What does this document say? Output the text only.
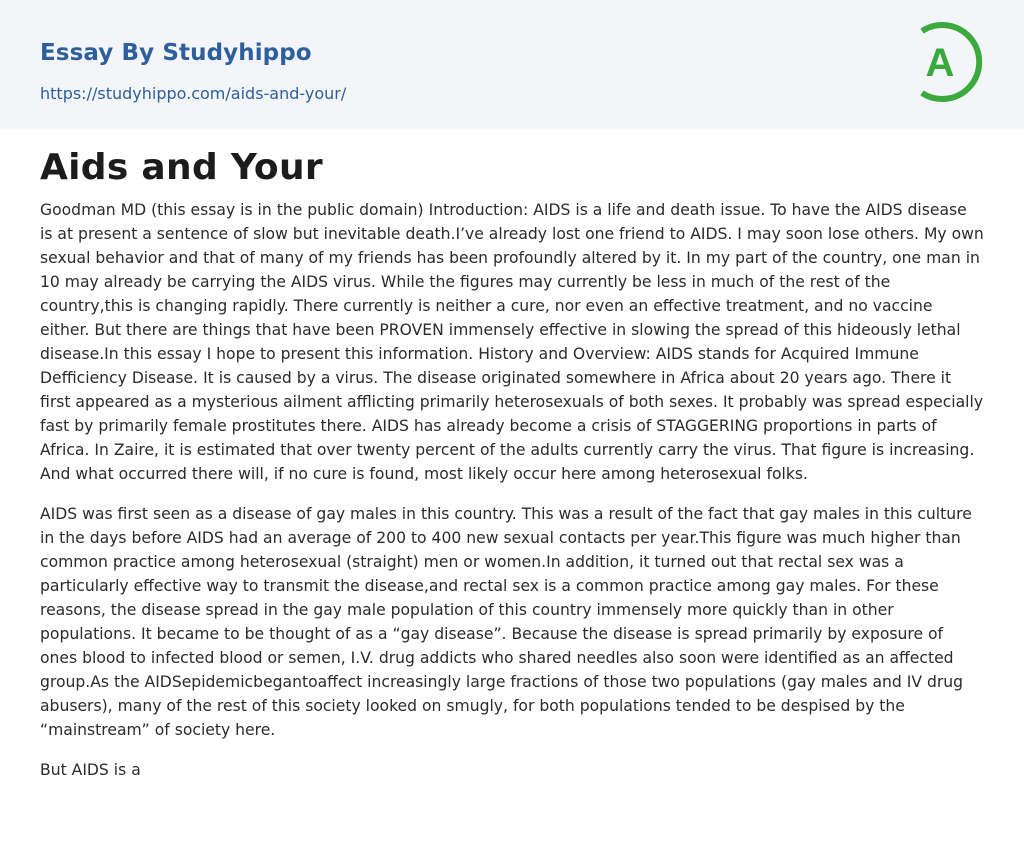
Essay By Studyhippo
https://studyhippo.com/aids-and-your/
A
Aids and Your

Goodman MD (this essay is in the public domain) Introduction: AIDS is a life and death issue. To have the AIDS disease is at present a sentence of slow but inevitable death.I’ve already lost one friend to AIDS. I may soon lose others. My own sexual behavior and that of many of my friends has been profoundly altered by it. In my part of the country, one man in 10 may already be carrying the AIDS virus. While the figures may currently be less in much of the rest of the country,this is changing rapidly. There currently is neither a cure, nor even an effective treatment, and no vaccine either. But there are things that have been PROVEN immensely effective in slowing the spread of this hideously lethal disease.In this essay I hope to present this information. History and Overview: AIDS stands for Acquired Immune Defficiency Disease. It is caused by a virus. The disease originated somewhere in Africa about 20 years ago. There it first appeared as a mysterious ailment afflicting primarily heterosexuals of both sexes. It probably was spread especially fast by primarily female prostitutes there. AIDS has already become a crisis of STAGGERING proportions in parts of Africa. In Zaire, it is estimated that over twenty percent of the adults currently carry the virus. That figure is increasing. And what occurred there will, if no cure is found, most likely occur here among heterosexual folks.

AIDS was first seen as a disease of gay males in this country. This was a result of the fact that gay males in this culture in the days before AIDS had an average of 200 to 400 new sexual contacts per year.This figure was much higher than common practice among heterosexual (straight) men or women.In addition, it turned out that rectal sex was a particularly effective way to transmit the disease,and rectal sex is a common practice among gay males. For these reasons, the disease spread in the gay male population of this country immensely more quickly than in other populations. It became to be thought of as a “gay disease”. Because the disease is spread primarily by exposure of ones blood to infected blood or semen, I.V. drug addicts who shared needles also soon were identified as an affected group.As the AIDSepidemicbegantoaffect increasingly large fractions of those two populations (gay males and IV drug abusers), many of the rest of this society looked on smugly, for both populations tended to be despised by the “mainstream” of society here.

But AIDS is a
